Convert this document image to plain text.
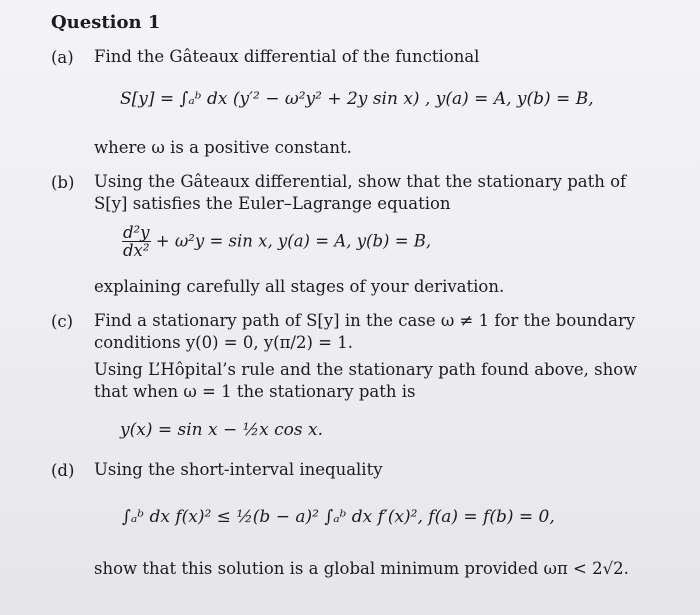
Question 1
(a) Find the Gâteaux differential of the functional
S[y] = ∫ₐᵇ dx (y′² − ω²y² + 2y sin x) , y(a) = A, y(b) = B,
where ω is a positive constant.
(b) Using the Gâteaux differential, show that the stationary path of
S[y] satisfies the Euler–Lagrange equation
$\frac{\text{d²y}}{\text{dx²}} + \omega^2y = \sin x$, y(a) = A, y(b) = B,
explaining carefully all stages of your derivation.
(c) Find a stationary path of S[y] in the case ω ≠ 1 for the boundary
conditions y(0) = 0, y(π/2) = 1.
Using L’Hôpital’s rule and the stationary path found above, show
that when ω = 1 the stationary path is
y(x) = sin x − ½x cos x.
(d) Using the short-interval inequality
∫ₐᵇ dx f(x)² ≤ ½(b − a)² ∫ₐᵇ dx f′(x)², f(a) = f(b) = 0,
show that this solution is a global minimum provided ωπ < 2√2.
